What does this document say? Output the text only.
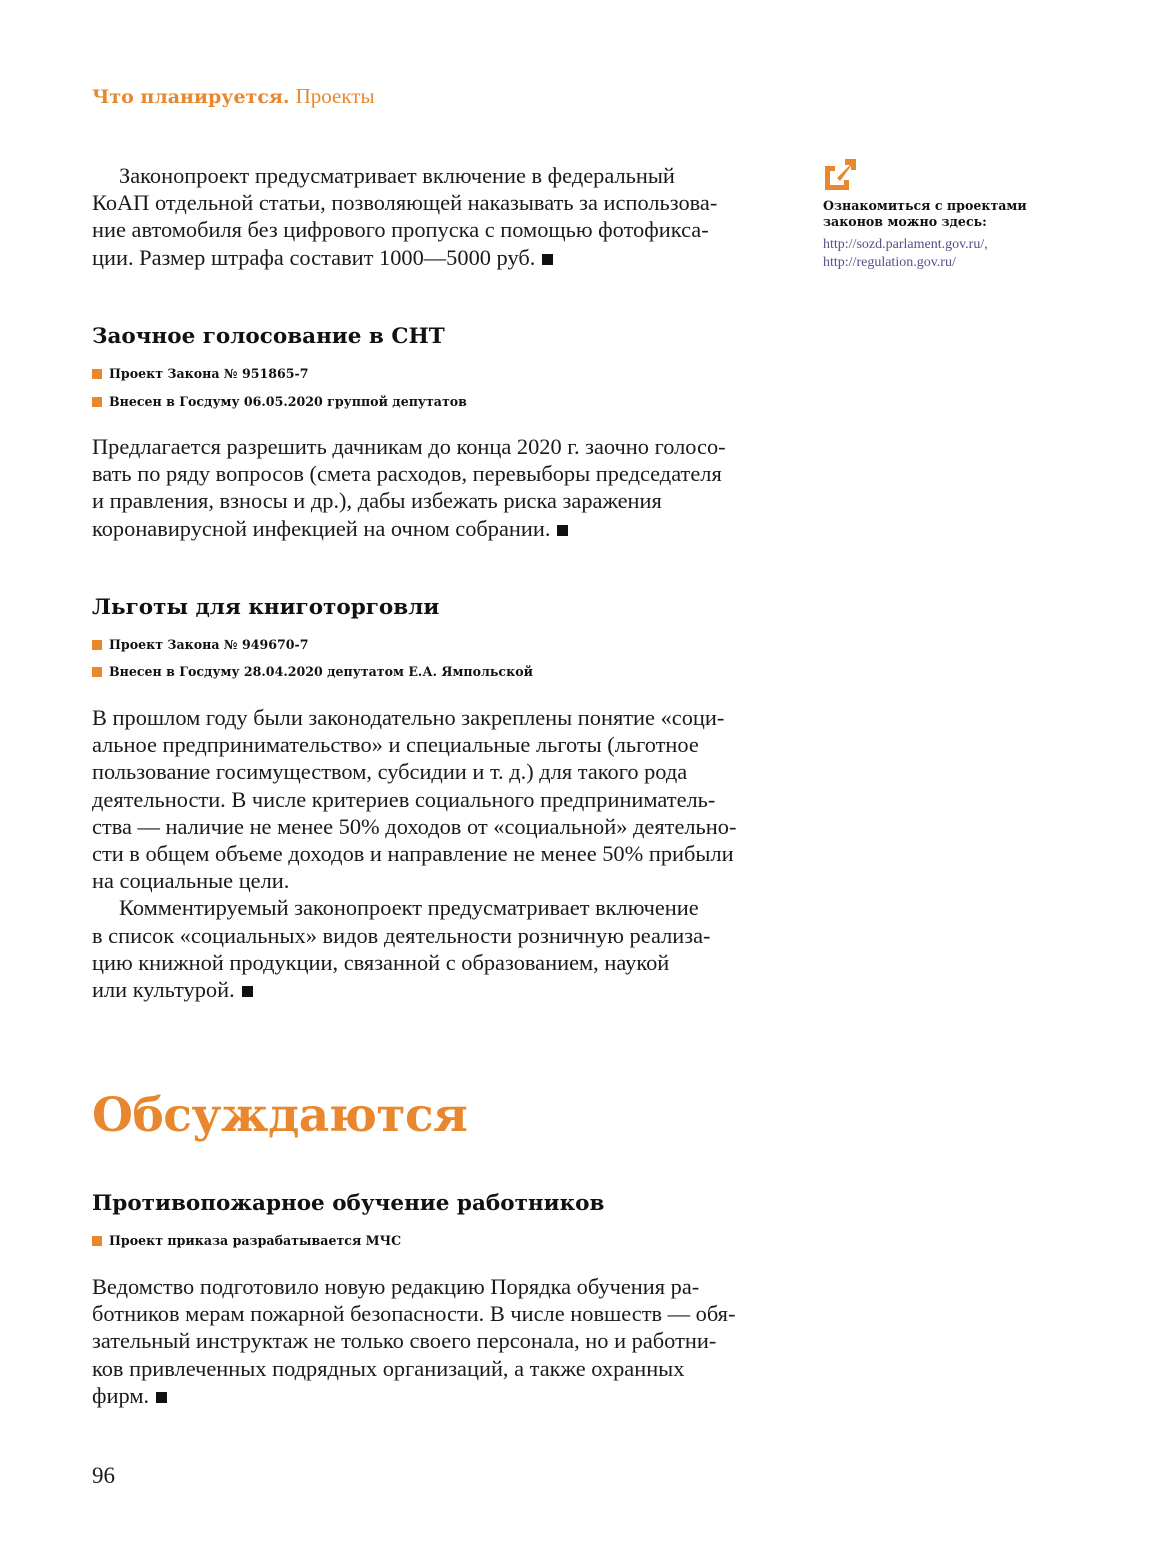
Что планируется. Проекты
Законопроект предусматривает включение в федеральный
КоАП отдельной статьи, позволяющей наказывать за использова-
ние автомобиля без цифрового пропуска с помощью фотофикса-
ции. Размер штрафа составит 1000—5000 руб.
Ознакомиться с проектами
законов можно здесь:
http://sozd.parlament.gov.ru/,
http://regulation.gov.ru/
Заочное голосование в СНТ
Проект Закона № 951865-7
Внесен в Госдуму 06.05.2020 группой депутатов
Предлагается разрешить дачникам до конца 2020 г. заочно голосо-
вать по ряду вопросов (смета расходов, перевыборы председателя
и правления, взносы и др.), дабы избежать риска заражения
коронавирусной инфекцией на очном собрании.
Льготы для книготорговли
Проект Закона № 949670-7
Внесен в Госдуму 28.04.2020 депутатом Е.А. Ямпольской
В прошлом году были законодательно закреплены понятие «соци-
альное предпринимательство» и специальные льготы (льготное
пользование госимуществом, субсидии и т. д.) для такого рода
деятельности. В числе критериев социального предприниматель-
ства — наличие не менее 50% доходов от «социальной» деятельно-
сти в общем объеме доходов и направление не менее 50% прибыли
на социальные цели.
Комментируемый законопроект предусматривает включение
в список «социальных» видов деятельности розничную реализа-
цию книжной продукции, связанной с образованием, наукой
или культурой.
Обсуждаются
Противопожарное обучение работников
Проект приказа разрабатывается МЧС
Ведомство подготовило новую редакцию Порядка обучения ра-
ботников мерам пожарной безопасности. В числе новшеств — обя-
зательный инструктаж не только своего персонала, но и работни-
ков привлеченных подрядных организаций, а также охранных
фирм.
96
